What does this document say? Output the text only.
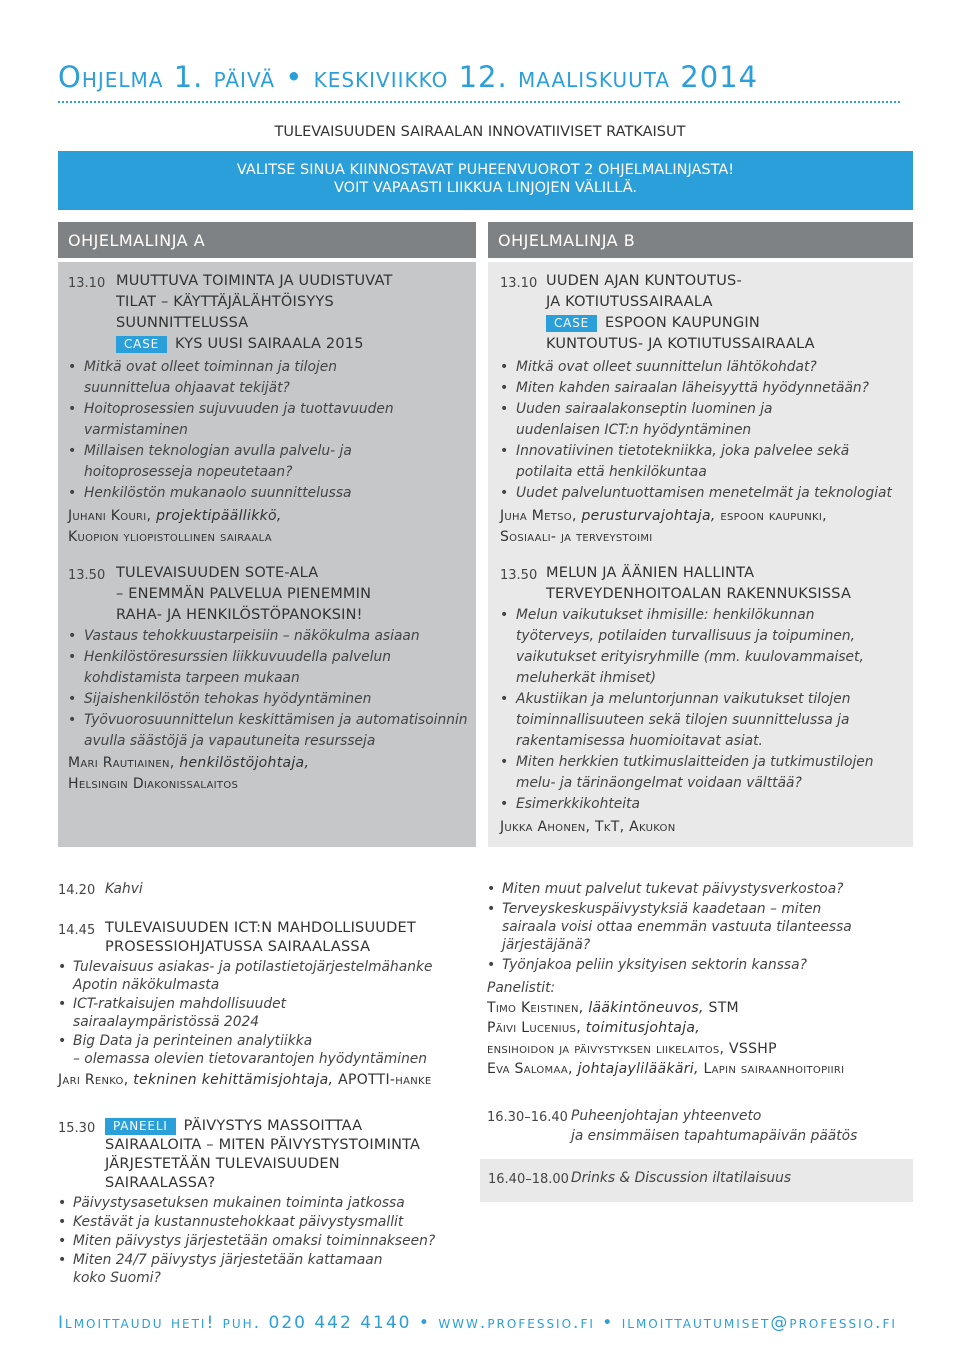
Ohjelma 1. päivä • keskiviikko 12. maaliskuuta 2014
TULEVAISUUDEN SAIRAALAN INNOVATIIVISET RATKAISUT
VALITSE SINUA KIINNOSTAVAT PUHEENVUOROT 2 OHJELMALINJASTA!
VOIT VAPAASTI LIIKKUA LINJOJEN VÄLILLÄ.
OHJELMALINJA A	OHJELMALINJA B
13.10 MUUTTUVA TOIMINTA JA UUDISTUVAT
TILAT – KÄYTTÄJÄLÄHTÖISYYS
SUUNNITTELUSSA
CASE KYS UUSI SAIRAALA 2015
• Mitkä ovat olleet toiminnan ja tilojen
suunnittelua ohjaavat tekijät?
• Hoitoprosessien sujuvuuden ja tuottavuuden
varmistaminen
• Millaisen teknologian avulla palvelu- ja
hoitoprosesseja nopeutetaan?
• Henkilöstön mukanaolo suunnittelussa
Juhani Kouri, projektipäällikkö,
Kuopion yliopistollinen sairaala
13.50 TULEVAISUUDEN SOTE-ALA
– ENEMMÄN PALVELUA PIENEMMIN
RAHA- JA HENKILÖSTÖPANOKSIN!
• Vastaus tehokkuustarpeisiin – näkökulma asiaan
• Henkilöstöresurssien liikkuvuudella palvelun
kohdistamista tarpeen mukaan
• Sijaishenkilöstön tehokas hyödyntäminen
• Työvuorosuunnittelun keskittämisen ja automatisoinnin
avulla säästöjä ja vapautuneita resursseja
Mari Rautiainen, henkilöstöjohtaja,
Helsingin Diakonissalaitos
13.10 UUDEN AJAN KUNTOUTUS-
JA KOTIUTUSSAIRAALA
CASE ESPOON KAUPUNGIN
KUNTOUTUS- JA KOTIUTUSSAIRAALA
• Mitkä ovat olleet suunnittelun lähtökohdat?
• Miten kahden sairaalan läheisyyttä hyödynnetään?
• Uuden sairaalakonseptin luominen ja
uudenlaisen ICT:n hyödyntäminen
• Innovatiivinen tietotekniikka, joka palvelee sekä
potilaita että henkilökuntaa
• Uudet palveluntuottamisen menetelmät ja teknologiat
Juha Metso, perusturvajohtaja, espoon kaupunki,
Sosiaali- ja terveystoimi
13.50 MELUN JA ÄÄNIEN HALLINTA
TERVEYDENHOITOALAN RAKENNUKSISSA
• Melun vaikutukset ihmisille: henkilökunnan
työterveys, potilaiden turvallisuus ja toipuminen,
vaikutukset erityisryhmille (mm. kuulovammaiset,
meluherkät ihmiset)
• Akustiikan ja meluntorjunnan vaikutukset tilojen
toiminnallisuuteen sekä tilojen suunnittelussa ja
rakentamisessa huomioitavat asiat.
• Miten herkkien tutkimuslaitteiden ja tutkimustilojen
melu- ja tärinäongelmat voidaan välttää?
• Esimerkkikohteita
Jukka Ahonen, TkT, Akukon
14.20 Kahvi
14.45 TULEVAISUUDEN ICT:N MAHDOLLISUUDET
PROSESSIOHJATUSSA SAIRAALASSA
• Tulevaisuus asiakas- ja potilastietojärjestelmähanke
Apotin näkökulmasta
• ICT-ratkaisujen mahdollisuudet
sairaalaympäristössä 2024
• Big Data ja perinteinen analytiikka
– olemassa olevien tietovarantojen hyödyntäminen
Jari Renko, tekninen kehittämisjohtaja, APOTTI-hanke
15.30	PANEELI PÄIVYSTYS MASSOITTAA
SAIRAALOITA – MITEN PÄIVYSTYSTOIMINTA
JÄRJESTETÄÄN TULEVAISUUDEN
SAIRAALASSA?
• Päivystysasetuksen mukainen toiminta jatkossa
• Kestävät ja kustannustehokkaat päivystysmallit
• Miten päivystys järjestetään omaksi toiminnakseen?
• Miten 24/7 päivystys järjestetään kattamaan
koko Suomi?
• Miten muut palvelut tukevat päivystysverkostoa?
• Terveyskeskuspäivystyksiä kaadetaan – miten
sairaala voisi ottaa enemmän vastuuta tilanteessa
järjestäjänä?
• Työnjakoa peliin yksityisen sektorin kanssa?
Panelistit:
Timo Keistinen, lääkintöneuvos, STM
Päivi Lucenius, toimitusjohtaja,
ensihoidon ja päivystyksen liikelaitos, VSSHP
Eva Salomaa, johtajaylilääkäri, Lapin sairaanhoitopiiri
16.30–16.40 Puheenjohtajan yhteenveto
ja ensimmäisen tapahtumapäivän päätös
16.40–18.00 Drinks & Discussion iltatilaisuus
Ilmoittaudu heti! puh. 020 442 4140 • www.professio.fi • ilmoittautumiset@professio.fi
